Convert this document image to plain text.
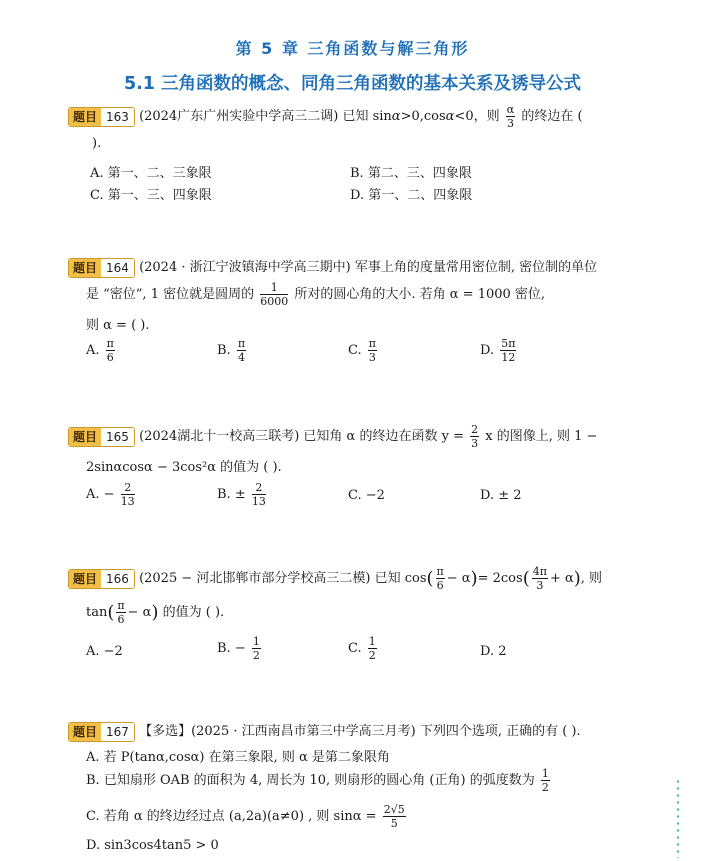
第 5 章 三角函数与解三角形
5.1 三角函数的概念、同角三角函数的基本关系及诱导公式
题目 163 (2024广东广州实验中学高三二调) 已知 sinα>0,cosα<0，则 $\frac{\alpha}{3}$ 的终边在 (
).
A. 第一、二、三象限	B. 第二、三、四象限
C. 第一、三、四象限	D. 第一、二、四象限
题目 164 (2024 · 浙江宁波镇海中学高三期中) 军事上角的度量常用密位制, 密位制的单位
是 “密位”, 1 密位就是圆周的 $\frac{1}{6000}$ 所对的圆心角的大小. 若角 α = 1000 密位,
则 α = ( ).
A. $\frac{\pi}{6}$	B. $\frac{\pi}{4}$	C. $\frac{\pi}{3}$	D. $\frac{5\pi}{12}$
题目 165 (2024湖北十一校高三联考) 已知角 α 的终边在函数 $y = \frac{2}{3}$ x 的图像上, 则 1 −
2sinαcosα − 3cos²α 的值为 ( ).
A. − $\frac{2}{13}$	B. ± $\frac{2}{13}$	C. −2	D. ± 2
题目 166 (2025 − 河北邯郸市部分学校高三二模) 已知 $\cos( \frac{\pi}{6} - \alpha)= 2\cos( \frac{4\pi}{3} + \alpha)$, 则
$\tan( \frac{\pi}{6} - \alpha)$ 的值为 ( ).
A. −2	B. − $\frac{1}{2}$	C. $\frac{1}{2}$	D. 2
题目 167 【多选】(2025 · 江西南昌市第三中学高三月考) 下列四个选项, 正确的有 ( ).
A. 若 P(tanα,cosα) 在第三象限, 则 α 是第二象限角
B. 已知扇形 OAB 的面积为 4, 周长为 10, 则扇形的圆心角 (正角) 的弧度数为 $\frac{1}{2}$
C. 若角 α 的终边经过点 (a,2a)(a≠0) , 则 $\sin\alpha = \frac{2√5}{5}$
D. sin3cos4tan5 > 0
